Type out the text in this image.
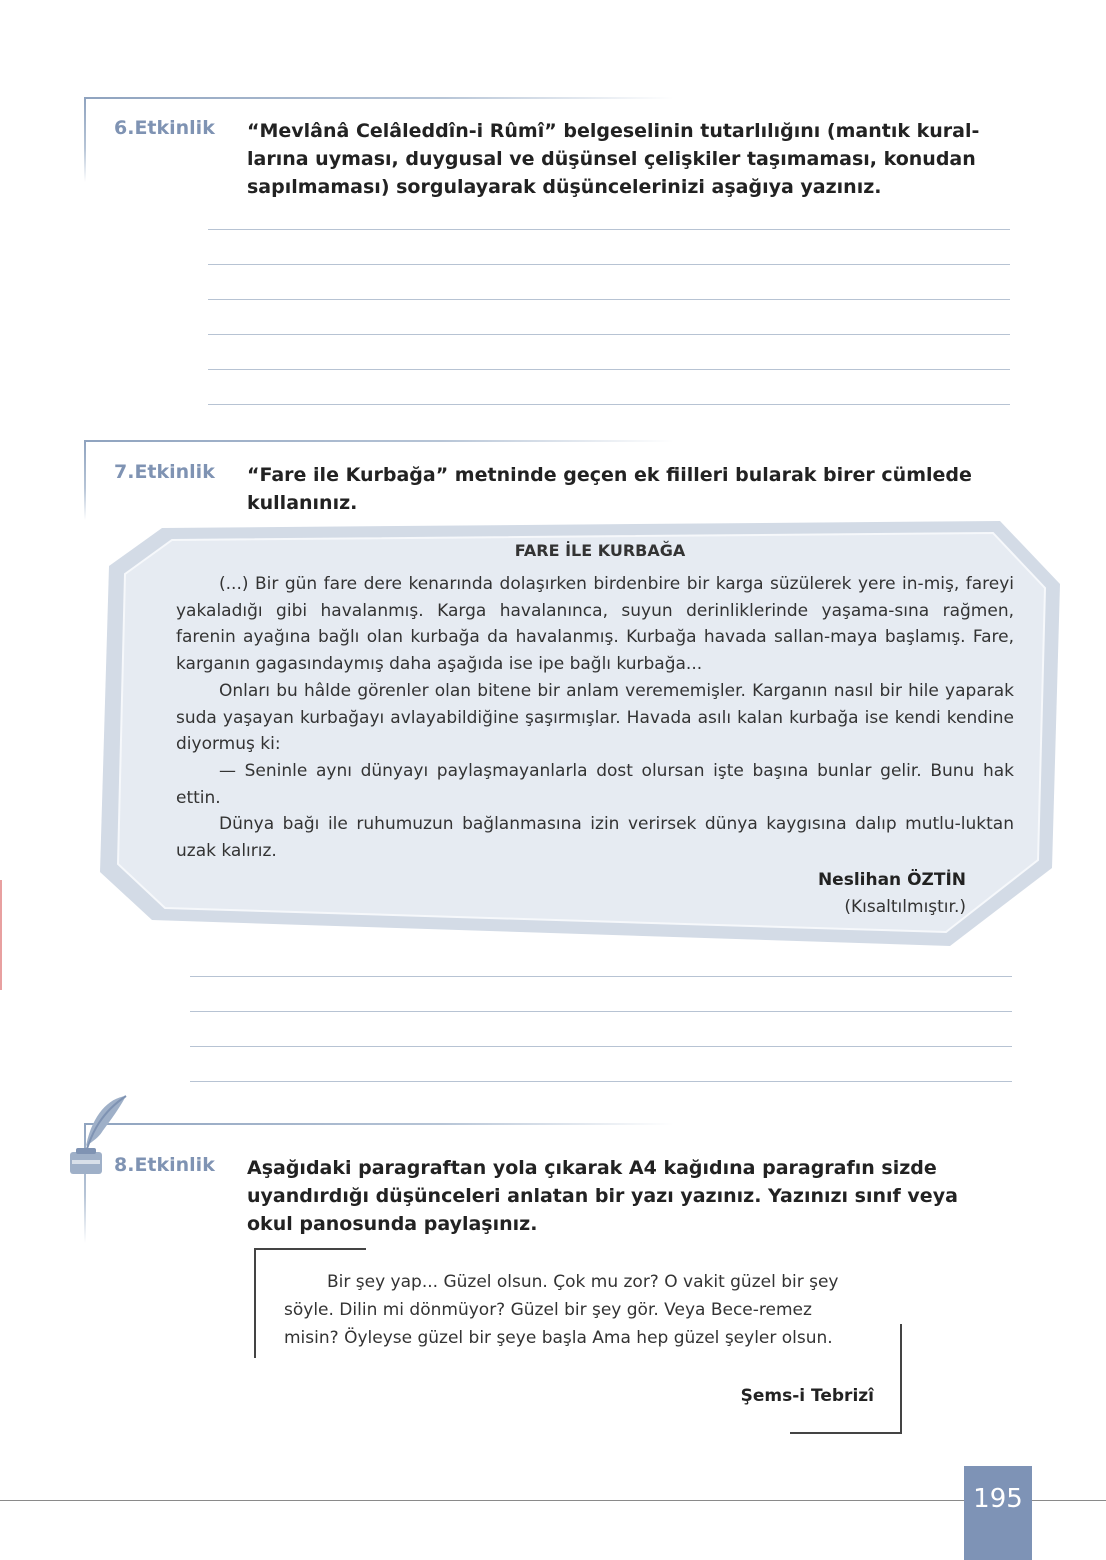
6.Etkinlik “Mevlânâ Celâleddîn-i Rûmî” belgeselinin tutarlılığını (mantık kural-
larına uyması, duygusal ve düşünsel çelişkiler taşımaması, konudan
sapılmaması) sorgulayarak düşüncelerinizi aşağıya yazınız.
7.Etkinlik “Fare ile Kurbağa” metninde geçen ek fiilleri bularak birer cümlede
kullanınız.
FARE İLE KURBAĞA

(...) Bir gün fare dere kenarında dolaşırken birdenbire bir karga süzülerek yere in-miş, fareyi yakaladığı gibi havalanmış. Karga havalanınca, suyun derinliklerinde yaşama-sına rağmen, farenin ayağına bağlı olan kurbağa da havalanmış. Kurbağa havada sallan-maya başlamış. Fare, karganın gagasındaymış daha aşağıda ise ipe bağlı kurbağa...

Onları bu hâlde görenler olan bitene bir anlam verememişler. Karganın nasıl bir hile yaparak suda yaşayan kurbağayı avlayabildiğine şaşırmışlar. Havada asılı kalan kurbağa ise kendi kendine diyormuş ki:

— Seninle aynı dünyayı paylaşmayanlarla dost olursan işte başına bunlar gelir. Bunu hak ettin.

Dünya bağı ile ruhumuzun bağlanmasına izin verirsek dünya kaygısına dalıp mutlu-luktan uzak kalırız.

Neslihan ÖZTİN
(Kısaltılmıştır.)
8.Etkinlik Aşağıdaki paragraftan yola çıkarak A4 kağıdına paragrafın sizde
uyandırdığı düşünceleri anlatan bir yazı yazınız. Yazınızı sınıf veya
okul panosunda paylaşınız.

Bir şey yap... Güzel olsun. Çok mu zor? O vakit güzel bir şey söyle. Dilin mi dönmüyor? Güzel bir şey gör. Veya Bece-remez misin? Öyleyse güzel bir şeye başla Ama hep güzel şeyler olsun.

Şems-i Tebrizî
195
